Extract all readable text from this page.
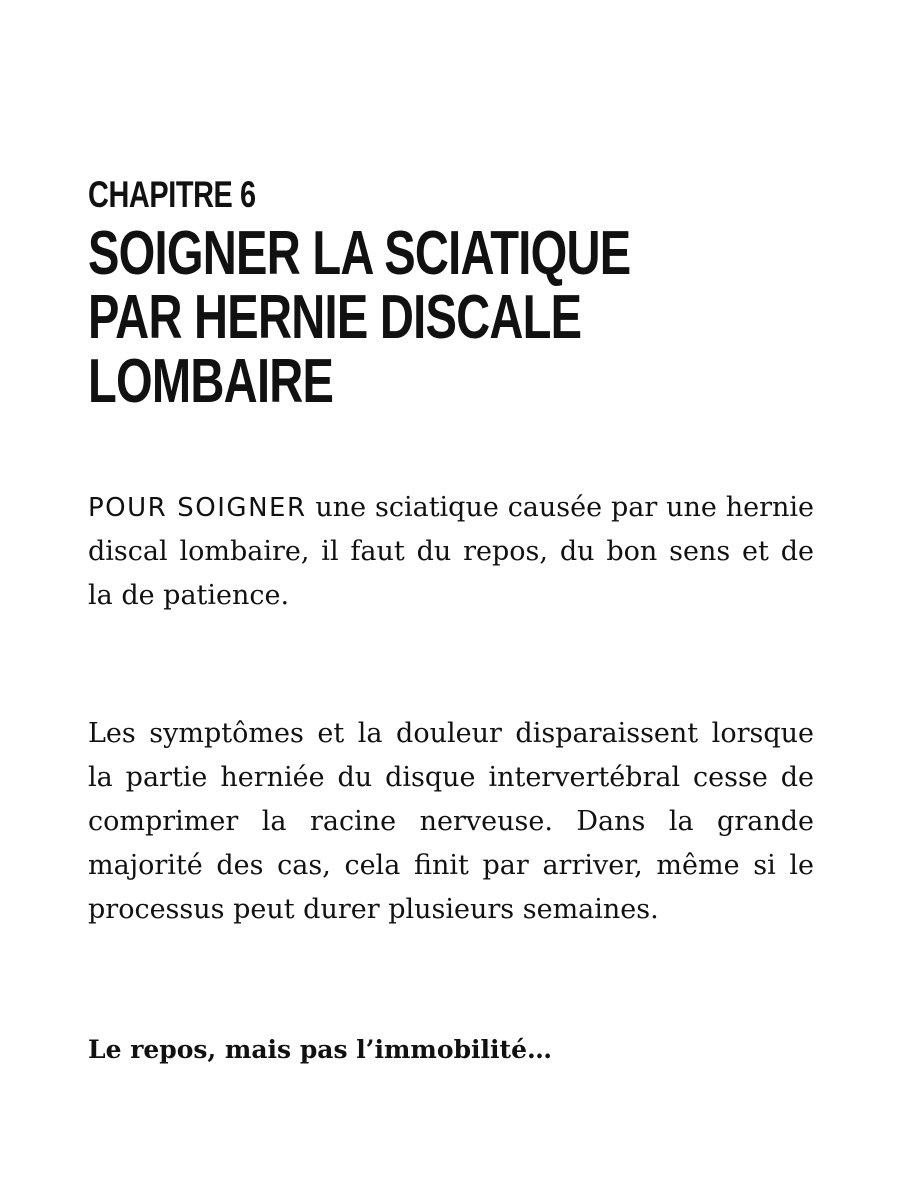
CHAPITRE 6
SOIGNER LA SCIATIQUE
PAR HERNIE DISCALE
LOMBAIRE

POUR SOIGNER une sciatique causée par une hernie discal lombaire, il faut du repos, du bon sens et de la de patience.

Les symptômes et la douleur disparaissent lorsque la partie herniée du disque intervertébral cesse de comprimer la racine nerveuse. Dans la grande majorité des cas, cela finit par arriver, même si le processus peut durer plusieurs semaines.

Le repos, mais pas l’immobilité…
